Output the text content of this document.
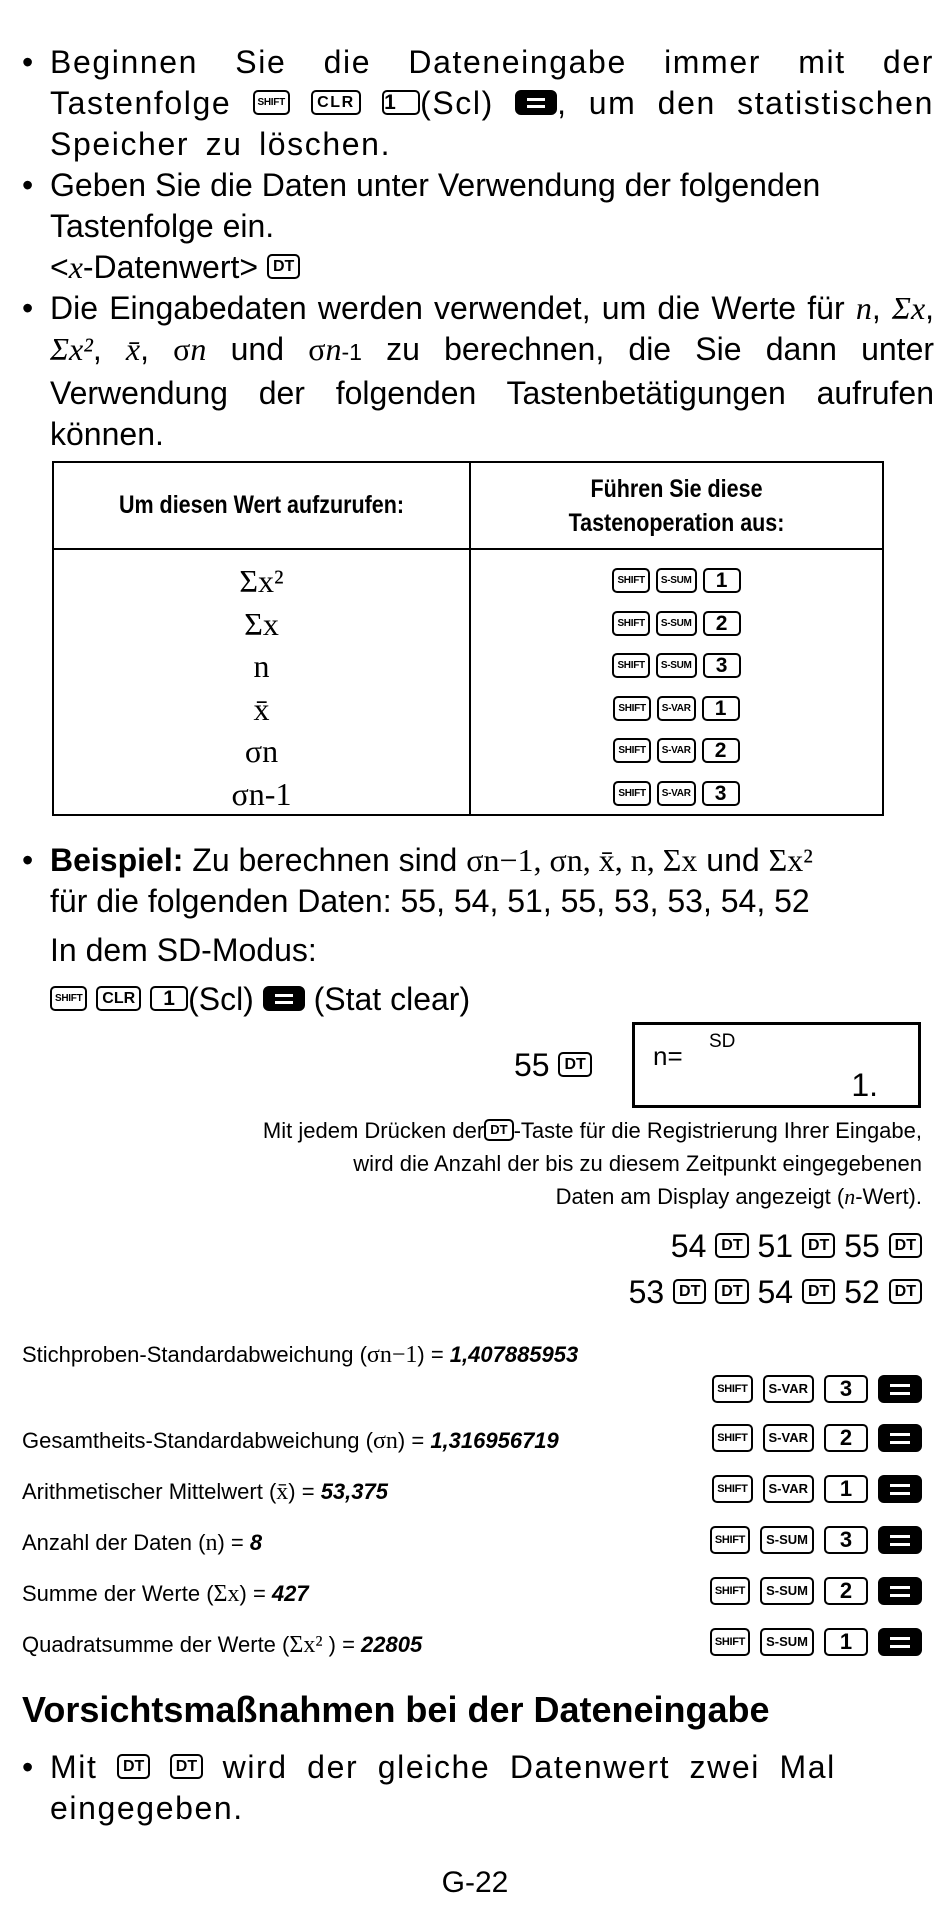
• Beginnen Sie die Dateneingabe immer mit der Tastenfolge	SHIFT CLR 1 (Scl) , um den statistischen Speicher zu löschen.
• Geben Sie die Daten unter Verwendung der folgenden Tastenfolge ein.
<x-Datenwert> DT
• Die Eingabedaten werden verwendet, um die Werte für n, Σx, Σx², x̄, σn und σn-1 zu berechnen, die Sie dann unter Verwendung der folgenden Tastenbetätigungen aufrufen können.
Um diesen Wert aufzurufen:
Führen Sie diese
Tastenoperation aus:
Σx²	SHIFT S-SUM 1
Σx	SHIFT S-SUM 2
n	SHIFT S-SUM 3
x̄	SHIFT S-VAR 1
σn	SHIFT S-VAR 2
σn-1	SHIFT S-VAR 3
• Beispiel: Zu berechnen sind σn−1, σn, x̄, n, Σx und Σx²
für die folgenden Daten: 55, 54, 51, 55, 53, 53, 54, 52
In dem SD-Modus:
SHIFT CLR 1 (Scl) (Stat clear)
55 DT	n= SD
1.
Mit jedem Drücken der DT -Taste für die Registrierung Ihrer Eingabe,
wird die Anzahl der bis zu diesem Zeitpunkt eingegebenen
Daten am Display angezeigt (n-Wert).
54 DT 51 DT 55 DT
53 DT DT 54 DT 52 DT
Stichproben-Standardabweichung (σn−1) = 1,407885953
SHIFT S-VAR 3
Gesamtheits-Standardabweichung (σn) = 1,316956719	SHIFT S-VAR 2
Arithmetischer Mittelwert (x̄) = 53,375	SHIFT S-VAR 1
Anzahl der Daten (n) = 8	SHIFT S-SUM 3
Summe der Werte (Σx) = 427	SHIFT S-SUM 2
Quadratsumme der Werte (Σx² ) = 22805	SHIFT S-SUM 1
Vorsichtsmaßnahmen bei der Dateneingabe
• Mit DT DT wird der gleiche Datenwert zwei Mal eingegeben.
G-22
